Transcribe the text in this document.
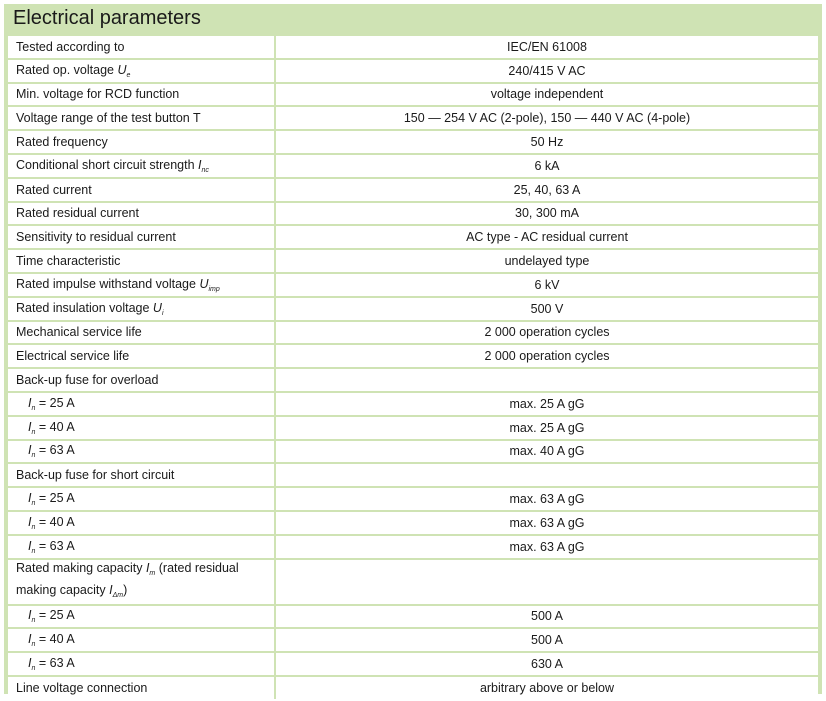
Electrical parameters
Tested according to	IEC/EN 61008
Rated op. voltage $U_e$	240/415 V AC
Min. voltage for RCD function	voltage independent
Voltage range of the test button T	150 — 254 V AC (2-pole), 150 — 440 V AC (4-pole)
Rated frequency	50 Hz
Conditional short circuit strength $I_{nc}$	6 kA
Rated current	25, 40, 63 A
Rated residual current	30, 300 mA
Sensitivity to residual current	AC type - AC residual current
Time characteristic	undelayed type
Rated impulse withstand voltage $U_{imp}$	6 kV
Rated insulation voltage $U_i$	500 V
Mechanical service life	2 000 operation cycles
Electrical service life	2 000 operation cycles
Back-up fuse for overload	
$I_n = 25$ A	max. 25 A gG
$I_n = 40$ A	max. 25 A gG
$I_n = 63$ A	max. 40 A gG
Back-up fuse for short circuit	
$I_n = 25$ A	max. 63 A gG
$I_n = 40$ A	max. 63 A gG
$I_n = 63$ A	max. 63 A gG
Rated making capacity $I_m$ (rated residual making capacity $I_{\Delta m}$)	
$I_n = 25$ A	500 A
$I_n = 40$ A	500 A
$I_n = 63$ A	630 A
Line voltage connection	arbitrary above or below
